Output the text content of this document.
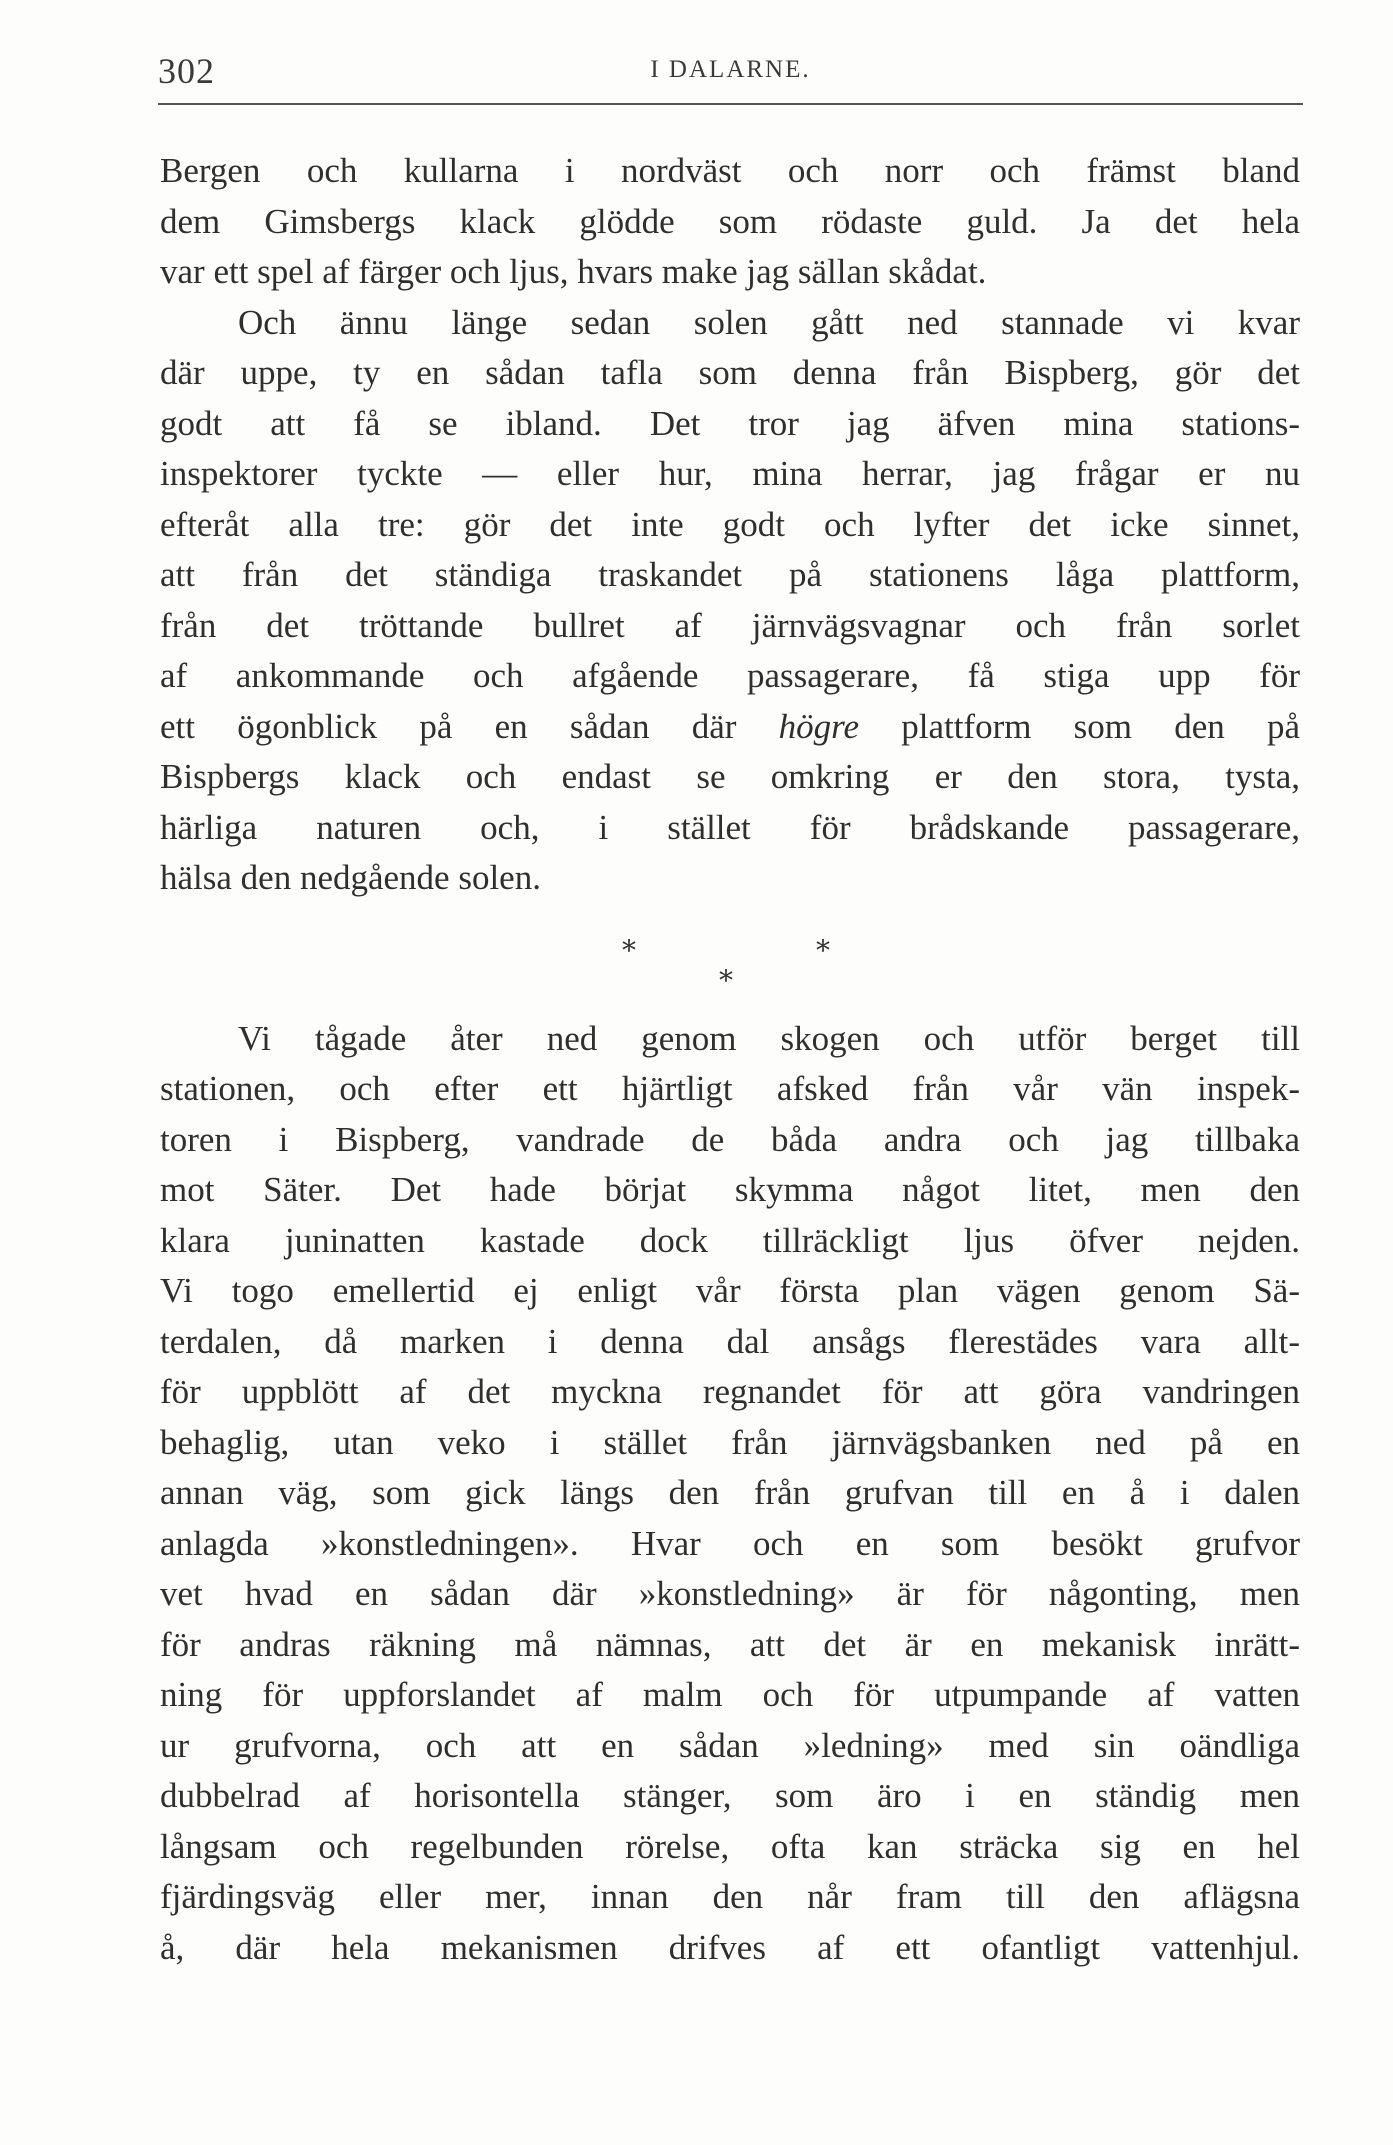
302	I DALARNE.

Bergen och kullarna i nordväst och norr och främst bland
dem Gimsbergs klack glödde som rödaste guld. Ja det hela
var ett spel af färger och ljus, hvars make jag sällan skådat.

Och ännu länge sedan solen gått ned stannade vi kvar
där uppe, ty en sådan tafla som denna från Bispberg, gör det
godt att få se ibland. Det tror jag äfven mina stations-
inspektorer tyckte — eller hur, mina herrar, jag frågar er nu
efteråt alla tre: gör det inte godt och lyfter det icke sinnet,
att från det ständiga traskandet på stationens låga plattform,
från det tröttande bullret af järnvägsvagnar och från sorlet
af ankommande och afgående passagerare, få stiga upp för
ett ögonblick på en sådan där högre plattform som den på
Bispbergs klack och endast se omkring er den stora, tysta,
härliga naturen och, i stället för brådskande passagerare,
hälsa den nedgående solen.

*	*
*

Vi tågade åter ned genom skogen och utför berget till
stationen, och efter ett hjärtligt afsked från vår vän inspek-
toren i Bispberg, vandrade de båda andra och jag tillbaka
mot Säter. Det hade börjat skymma något litet, men den
klara juninatten kastade dock tillräckligt ljus öfver nejden.
Vi togo emellertid ej enligt vår första plan vägen genom Sä-
terdalen, då marken i denna dal ansågs flerestädes vara allt-
för uppblött af det myckna regnandet för att göra vandringen
behaglig, utan veko i stället från järnvägsbanken ned på en
annan väg, som gick längs den från grufvan till en å i dalen
anlagda »konstledningen». Hvar och en som besökt grufvor
vet hvad en sådan där »konstledning» är för någonting, men
för andras räkning må nämnas, att det är en mekanisk inrätt-
ning för uppforslandet af malm och för utpumpande af vatten
ur grufvorna, och att en sådan »ledning» med sin oändliga
dubbelrad af horisontella stänger, som äro i en ständig men
långsam och regelbunden rörelse, ofta kan sträcka sig en hel
fjärdingsväg eller mer, innan den når fram till den aflägsna
å, där hela mekanismen drifves af ett ofantligt vattenhjul.
